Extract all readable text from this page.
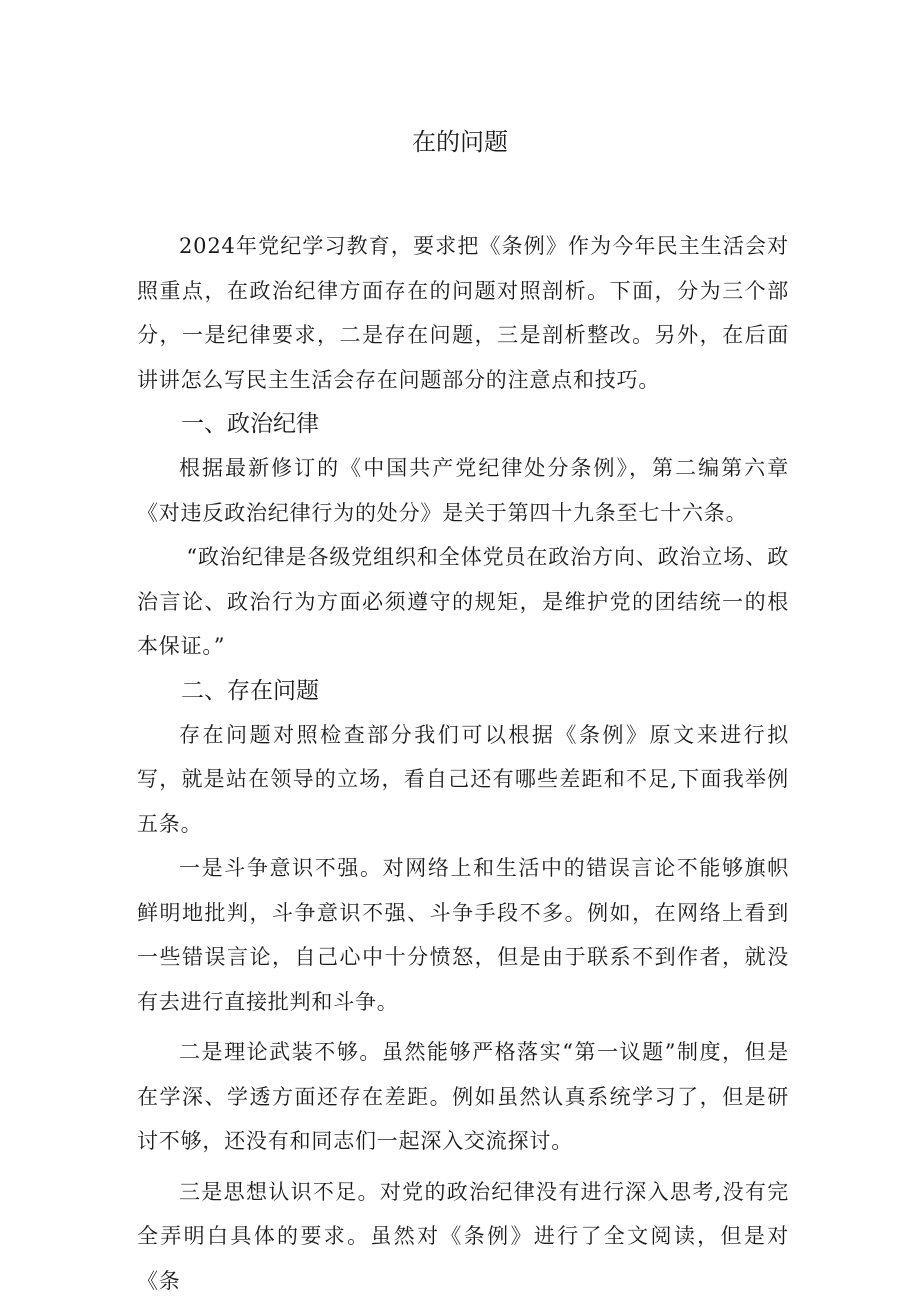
在的问题

2024年党纪学习教育，要求把《条例》作为今年民主生活会对照重点，在政治纪律方面存在的问题对照剖析。下面，分为三个部分，一是纪律要求，二是存在问题，三是剖析整改。另外，在后面讲讲怎么写民主生活会存在问题部分的注意点和技巧。

一、政治纪律

根据最新修订的《中国共产党纪律处分条例》，第二编第六章《对违反政治纪律行为的处分》是关于第四十九条至七十六条。

“政治纪律是各级党组织和全体党员在政治方向、政治立场、政治言论、政治行为方面必须遵守的规矩，是维护党的团结统一的根本保证。”

二、存在问题

存在问题对照检查部分我们可以根据《条例》原文来进行拟写，就是站在领导的立场，看自己还有哪些差距和不足,下面我举例五条。

一是斗争意识不强。对网络上和生活中的错误言论不能够旗帜鲜明地批判，斗争意识不强、斗争手段不多。例如，在网络上看到一些错误言论，自己心中十分愤怒，但是由于联系不到作者，就没有去进行直接批判和斗争。

二是理论武装不够。虽然能够严格落实“第一议题”制度，但是在学深、学透方面还存在差距。例如虽然认真系统学习了，但是研讨不够，还没有和同志们一起深入交流探讨。

三是思想认识不足。对党的政治纪律没有进行深入思考,没有完全弄明白具体的要求。虽然对《条例》进行了全文阅读，但是对《条
